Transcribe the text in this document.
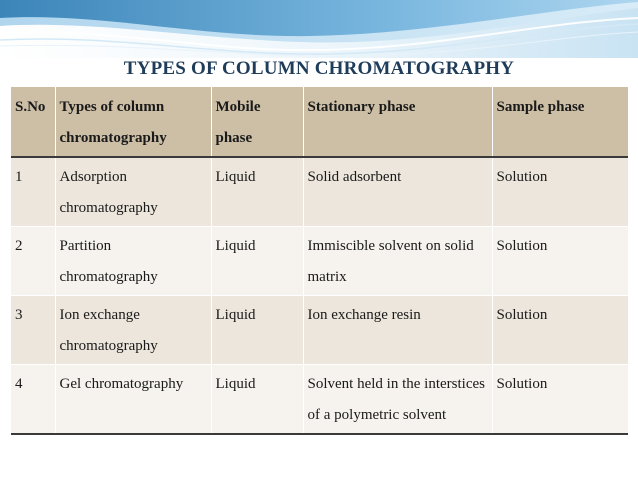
TYPES OF COLUMN CHROMATOGRAPHY
S.No	Types of column chromatography	Mobile phase	Stationary phase	Sample phase

1	Adsorption chromatography	Liquid	Solid adsorbent	Solution
2	Partition chromatography	Liquid	Immiscible solvent on solid matrix	Solution
3	Ion exchange chromatography	Liquid	Ion exchange resin	Solution
4	Gel chromatography	Liquid	Solvent held in the interstices of a polymetric solvent	Solution
